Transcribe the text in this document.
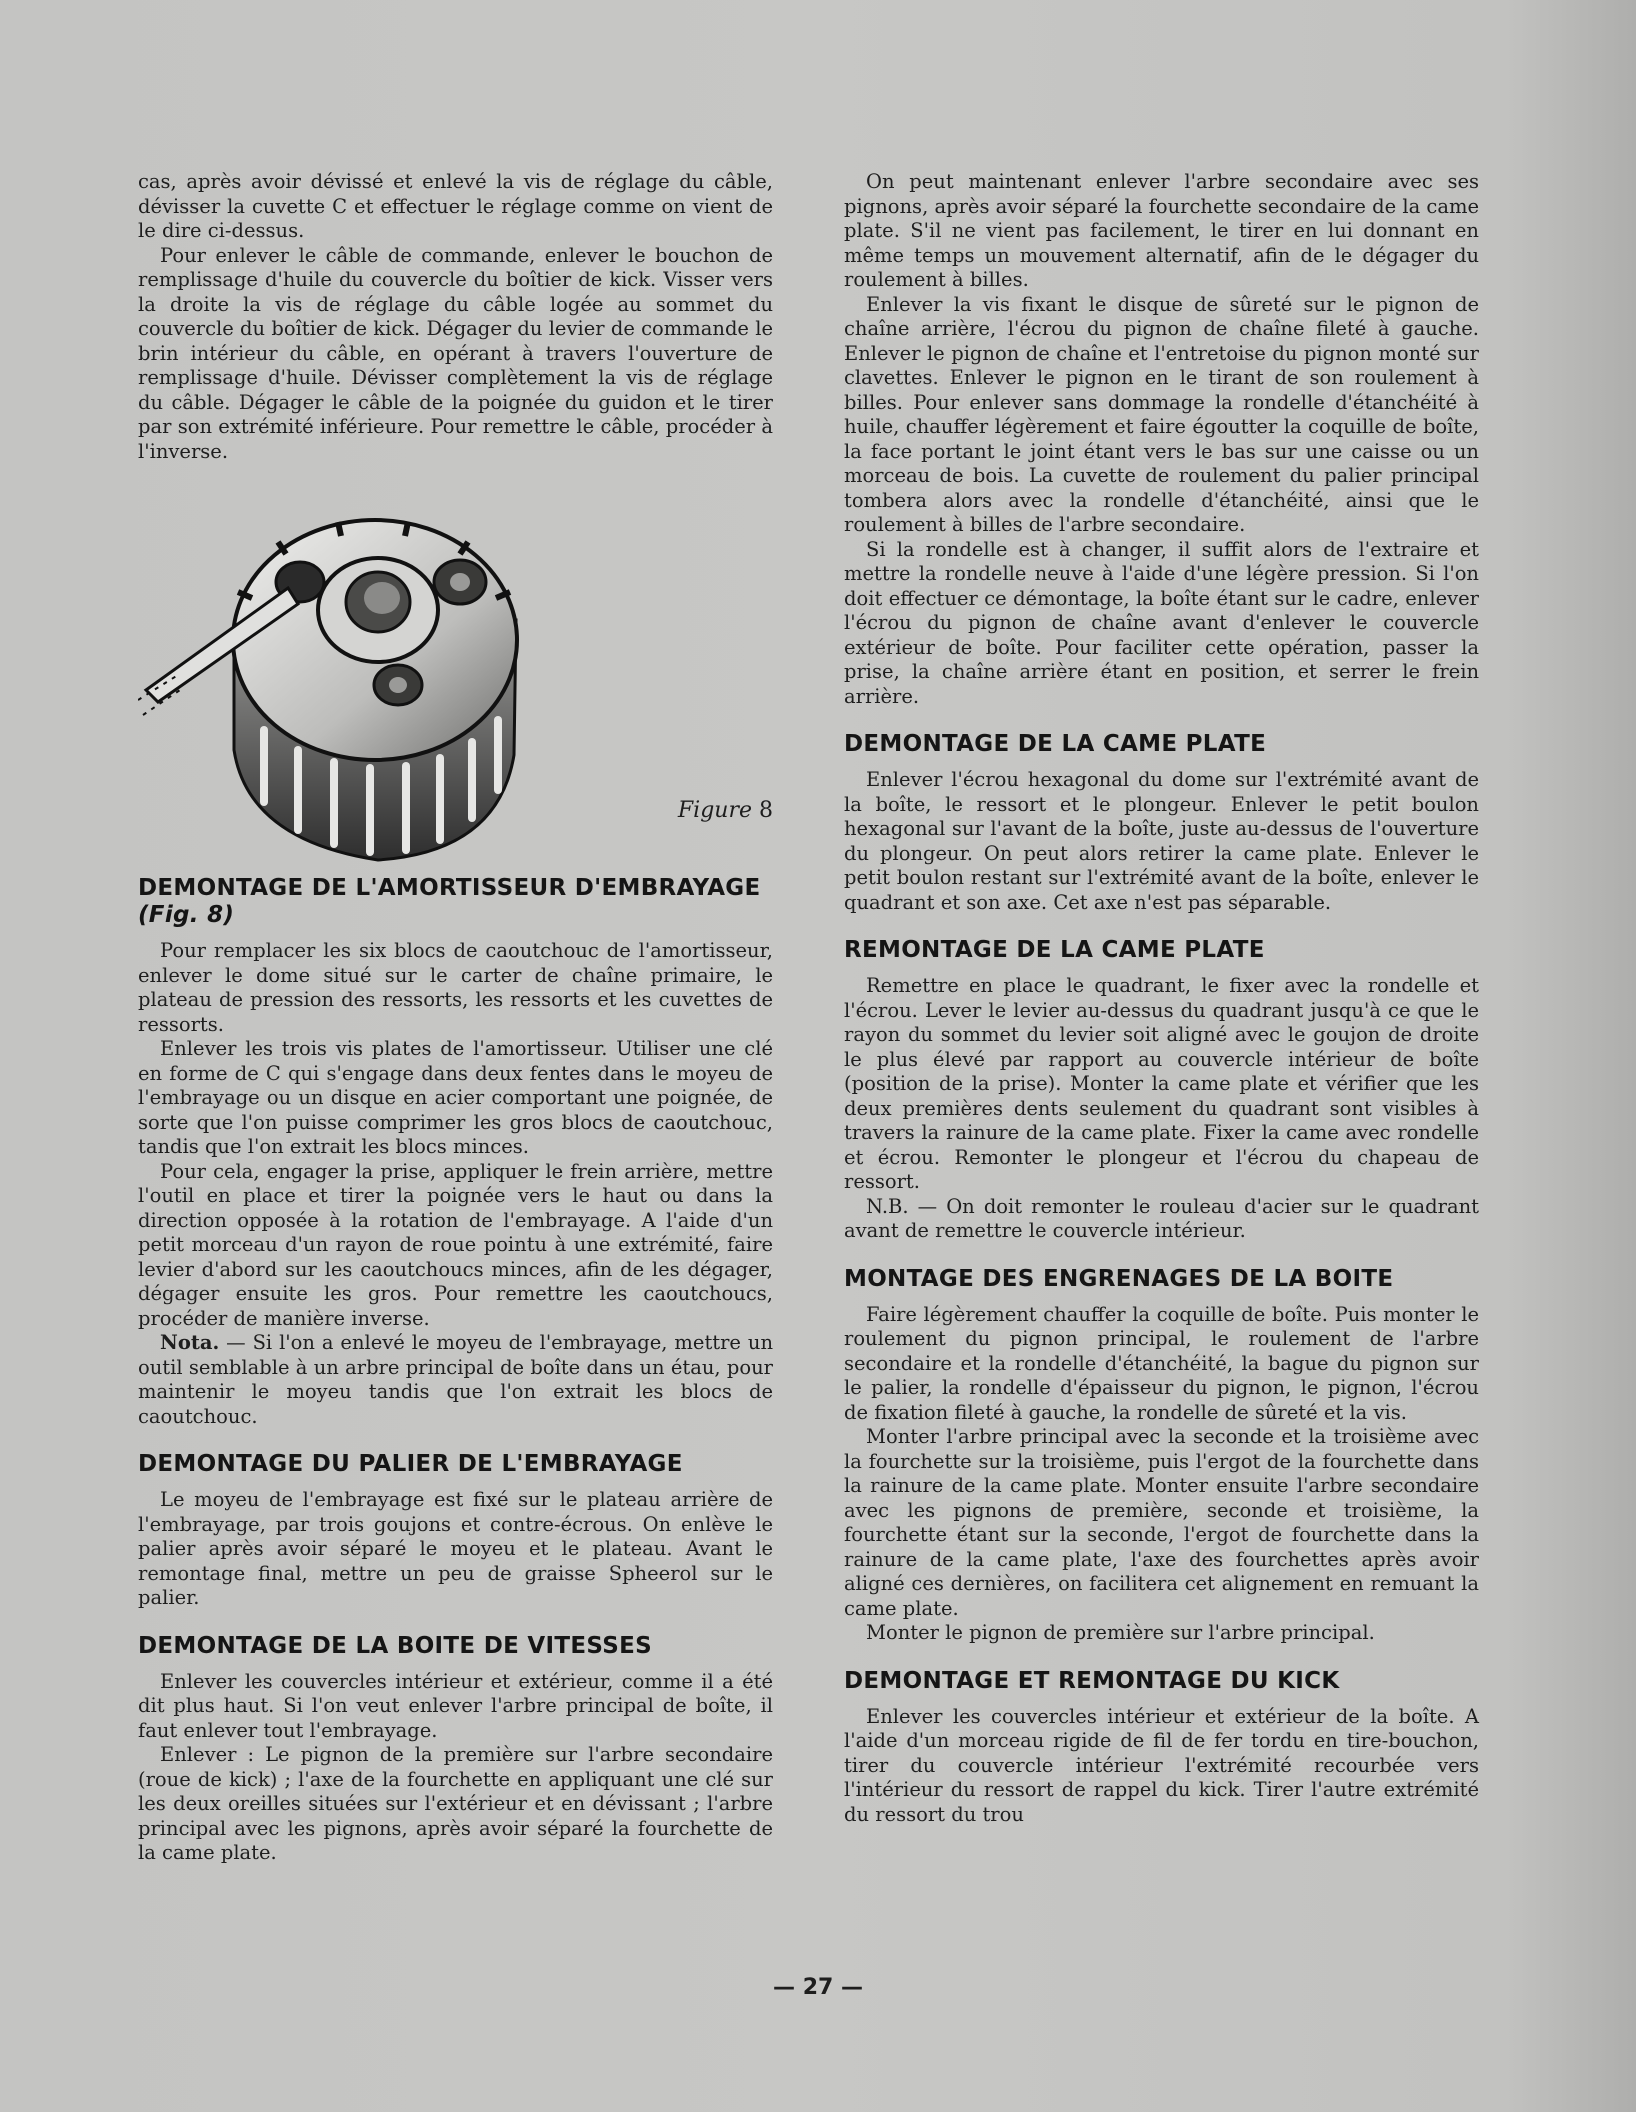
cas, après avoir dévissé et enlevé la vis de réglage du câble, dévisser la cuvette C et effectuer le réglage comme on vient de le dire ci-dessus.

Pour enlever le câble de commande, enlever le bouchon de remplissage d'huile du couvercle du boîtier de kick. Visser vers la droite la vis de réglage du câble logée au sommet du couvercle du boîtier de kick. Dégager du levier de commande le brin intérieur du câble, en opérant à travers l'ouverture de remplissage d'huile. Dévisser complètement la vis de réglage du câble. Dégager le câble de la poignée du guidon et le tirer par son extrémité inférieure. Pour remettre le câble, procéder à l'inverse.

Figure 8
DEMONTAGE DE L'AMORTISSEUR D'EMBRAYAGE (Fig. 8)

Pour remplacer les six blocs de caoutchouc de l'amortisseur, enlever le dome situé sur le carter de chaîne primaire, le plateau de pression des ressorts, les ressorts et les cuvettes de ressorts.

Enlever les trois vis plates de l'amortisseur. Utiliser une clé en forme de C qui s'engage dans deux fentes dans le moyeu de l'embrayage ou un disque en acier comportant une poignée, de sorte que l'on puisse comprimer les gros blocs de caoutchouc, tandis que l'on extrait les blocs minces.

Pour cela, engager la prise, appliquer le frein arrière, mettre l'outil en place et tirer la poignée vers le haut ou dans la direction opposée à la rotation de l'embrayage. A l'aide d'un petit morceau d'un rayon de roue pointu à une extrémité, faire levier d'abord sur les caoutchoucs minces, afin de les dégager, dégager ensuite les gros. Pour remettre les caoutchoucs, procéder de manière inverse.

Nota. — Si l'on a enlevé le moyeu de l'embrayage, mettre un outil semblable à un arbre principal de boîte dans un étau, pour maintenir le moyeu tandis que l'on extrait les blocs de caoutchouc.

DEMONTAGE DU PALIER DE L'EMBRAYAGE

Le moyeu de l'embrayage est fixé sur le plateau arrière de l'embrayage, par trois goujons et contre-écrous. On enlève le palier après avoir séparé le moyeu et le plateau. Avant le remontage final, mettre un peu de graisse Spheerol sur le palier.

DEMONTAGE DE LA BOITE DE VITESSES

Enlever les couvercles intérieur et extérieur, comme il a été dit plus haut. Si l'on veut enlever l'arbre principal de boîte, il faut enlever tout l'embrayage.

Enlever : Le pignon de la première sur l'arbre secondaire (roue de kick) ; l'axe de la fourchette en appliquant une clé sur les deux oreilles situées sur l'extérieur et en dévissant ; l'arbre principal avec les pignons, après avoir séparé la fourchette de la came plate.

On peut maintenant enlever l'arbre secondaire avec ses pignons, après avoir séparé la fourchette secondaire de la came plate. S'il ne vient pas facilement, le tirer en lui donnant en même temps un mouvement alternatif, afin de le dégager du roulement à billes.

Enlever la vis fixant le disque de sûreté sur le pignon de chaîne arrière, l'écrou du pignon de chaîne fileté à gauche. Enlever le pignon de chaîne et l'entretoise du pignon monté sur clavettes. Enlever le pignon en le tirant de son roulement à billes. Pour enlever sans dommage la rondelle d'étanchéité à huile, chauffer légèrement et faire égoutter la coquille de boîte, la face portant le joint étant vers le bas sur une caisse ou un morceau de bois. La cuvette de roulement du palier principal tombera alors avec la rondelle d'étanchéité, ainsi que le roulement à billes de l'arbre secondaire.

Si la rondelle est à changer, il suffit alors de l'extraire et mettre la rondelle neuve à l'aide d'une légère pression. Si l'on doit effectuer ce démontage, la boîte étant sur le cadre, enlever l'écrou du pignon de chaîne avant d'enlever le couvercle extérieur de boîte. Pour faciliter cette opération, passer la prise, la chaîne arrière étant en position, et serrer le frein arrière.

DEMONTAGE DE LA CAME PLATE

Enlever l'écrou hexagonal du dome sur l'extrémité avant de la boîte, le ressort et le plongeur. Enlever le petit boulon hexagonal sur l'avant de la boîte, juste au-dessus de l'ouverture du plongeur. On peut alors retirer la came plate. Enlever le petit boulon restant sur l'extrémité avant de la boîte, enlever le quadrant et son axe. Cet axe n'est pas séparable.

REMONTAGE DE LA CAME PLATE

Remettre en place le quadrant, le fixer avec la rondelle et l'écrou. Lever le levier au-dessus du quadrant jusqu'à ce que le rayon du sommet du levier soit aligné avec le goujon de droite le plus élevé par rapport au couvercle intérieur de boîte (position de la prise). Monter la came plate et vérifier que les deux premières dents seulement du quadrant sont visibles à travers la rainure de la came plate. Fixer la came avec rondelle et écrou. Remonter le plongeur et l'écrou du chapeau de ressort.

N.B. — On doit remonter le rouleau d'acier sur le quadrant avant de remettre le couvercle intérieur.

MONTAGE DES ENGRENAGES DE LA BOITE

Faire légèrement chauffer la coquille de boîte. Puis monter le roulement du pignon principal, le roulement de l'arbre secondaire et la rondelle d'étanchéité, la bague du pignon sur le palier, la rondelle d'épaisseur du pignon, le pignon, l'écrou de fixation fileté à gauche, la rondelle de sûreté et la vis.

Monter l'arbre principal avec la seconde et la troisième avec la fourchette sur la troisième, puis l'ergot de la fourchette dans la rainure de la came plate. Monter ensuite l'arbre secondaire avec les pignons de première, seconde et troisième, la fourchette étant sur la seconde, l'ergot de fourchette dans la rainure de la came plate, l'axe des fourchettes après avoir aligné ces dernières, on facilitera cet alignement en remuant la came plate.

Monter le pignon de première sur l'arbre principal.

DEMONTAGE ET REMONTAGE DU KICK

Enlever les couvercles intérieur et extérieur de la boîte. A l'aide d'un morceau rigide de fil de fer tordu en tire-bouchon, tirer du couvercle intérieur l'extrémité recourbée vers l'intérieur du ressort de rappel du kick. Tirer l'autre extrémité du ressort du trou

— 27 —
